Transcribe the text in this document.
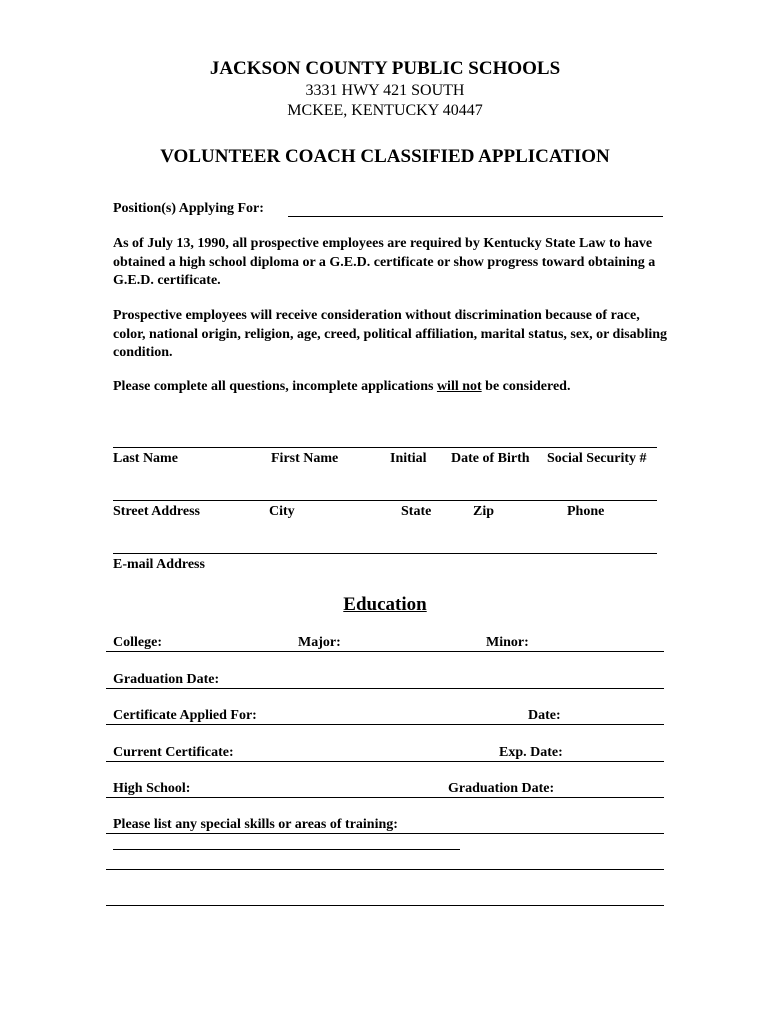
JACKSON COUNTY PUBLIC SCHOOLS
3331 HWY 421 SOUTH
MCKEE, KENTUCKY 40447
VOLUNTEER COACH CLASSIFIED APPLICATION
Position(s) Applying For:
As of July 13, 1990, all prospective employees are required by Kentucky State Law to have obtained a high school diploma or a G.E.D. certificate or show progress toward obtaining a G.E.D. certificate.
Prospective employees will receive consideration without discrimination because of race, color, national origin, religion, age, creed, political affiliation, marital status, sex, or disabling condition.
Please complete all questions, incomplete applications will not be considered.
Last Name	First Name	Initial Date of Birth Social Security #
Street Address	City	State	Zip	Phone
E-mail Address
Education
College:	Major:	Minor:
Graduation Date:
Certificate Applied For:	Date:
Current Certificate:	Exp. Date:
High School:	Graduation Date:
Please list any special skills or areas of training:
